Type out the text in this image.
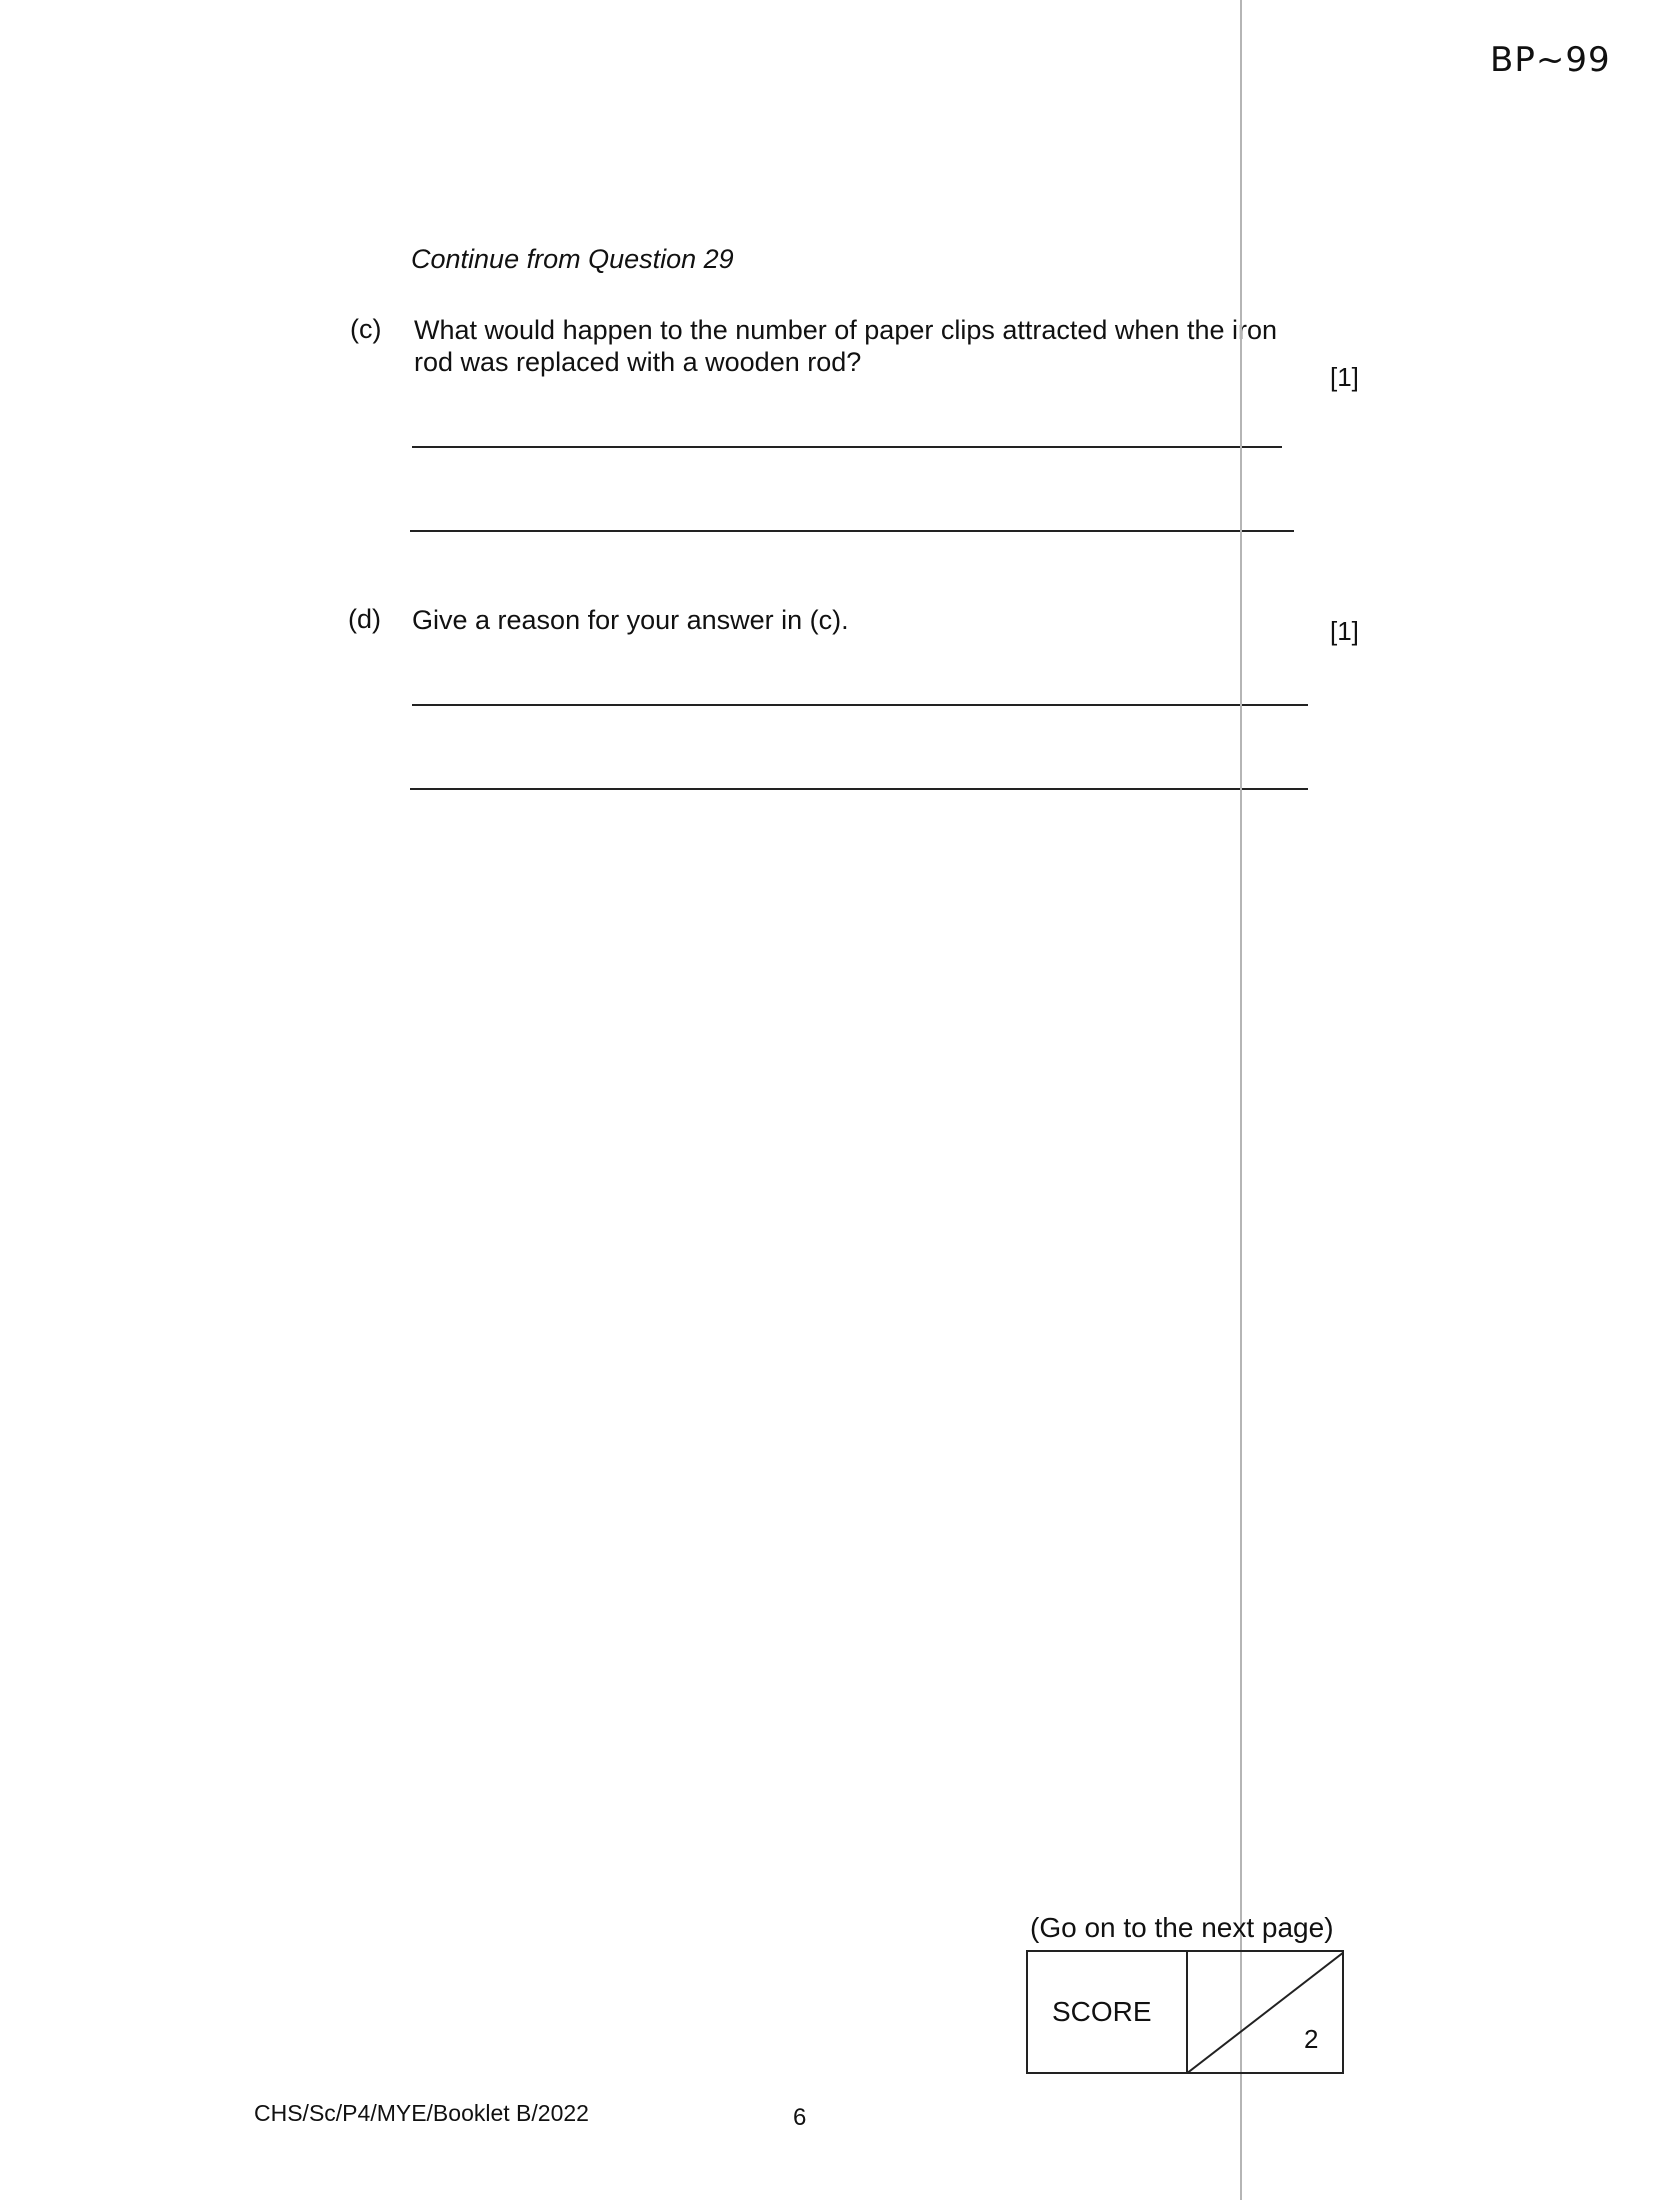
BP~99
Continue from Question 29
(c) What would happen to the number of paper clips attracted when the iron rod was replaced with a wooden rod?	[1]
(d) Give a reason for your answer in (c).	[1]
(Go on to the next page)
SCORE
2
CHS/Sc/P4/MYE/Booklet B/2022	6
